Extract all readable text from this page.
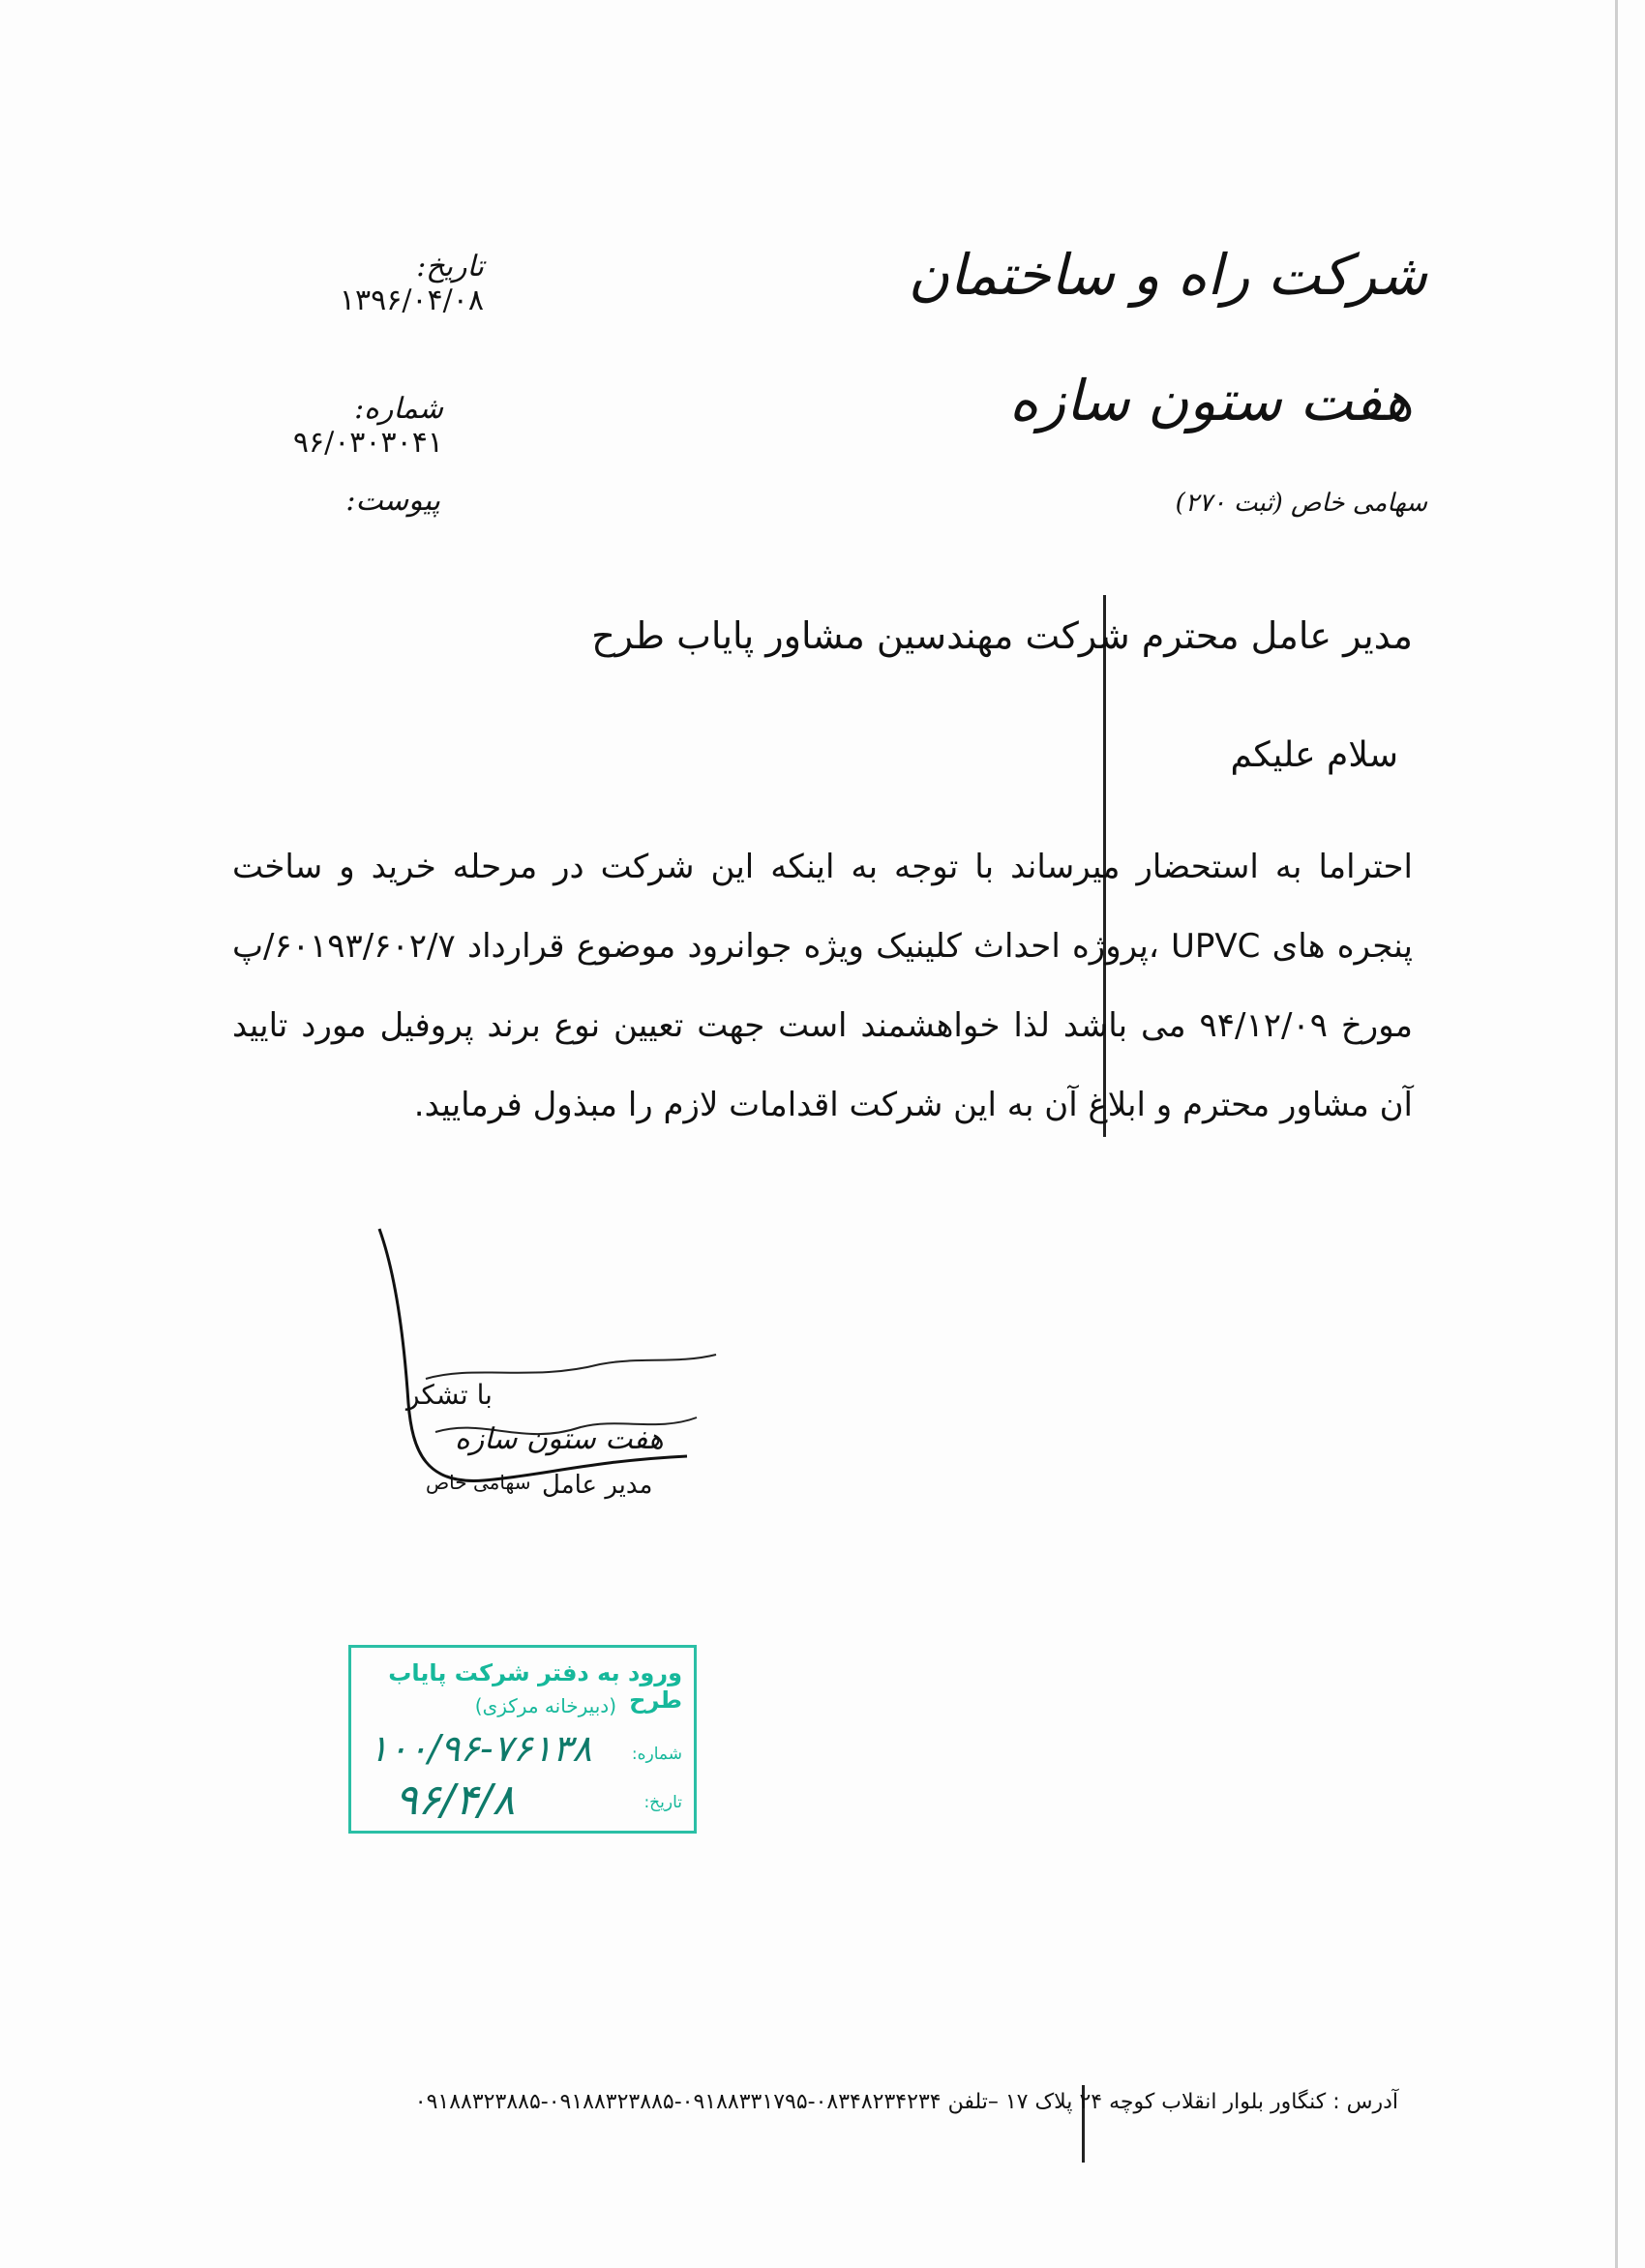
شرکت راه و ساختمان
هفت ستون سازه
سهامی خاص (ثبت ۲۷۰)
تاریخ: ۱۳۹۶/۰۴/۰۸
شماره: ۹۶/۰۳۰۳۰۴۱
پیوست:
مدیر عامل محترم شرکت مهندسین مشاور پایاب طرح
سلام علیکم
احتراما به استحضار میرساند با توجه به اینکه این شرکت در مرحله خرید و ساخت پنجره های UPVC ،پروژه احداث کلینیک ویژه جوانرود موضوع قرارداد ۶۰۱۹۳/۶۰۲/۷/پ مورخ ۹۴/۱۲/۰۹ می باشد لذا خواهشمند است جهت تعیین نوع برند پروفیل مورد تایید آن مشاور محترم و ابلاغ آن به این شرکت اقدامات لازم را مبذول فرمایید.
با تشکر
هفت ستون سازه
سهامی خاص مدیر عامل
ورود به دفتر شرکت پایاب طرح
(دبیرخانه مرکزی)
شماره:
تاریخ:
۱۰۰/۹۶-۷۶۱۳۸
۹۶/۴/۸
آدرس : کنگاور بلوار انقلاب کوچه ۲۴ پلاک ۱۷ –تلفن ۰۸۳۴۸۲۳۴۲۳۴-۰۹۱۸۸۳۳۱۷۹۵-۰۹۱۸۸۳۲۳۸۸۵-۰۹۱۸۸۳۲۳۸۸۵
